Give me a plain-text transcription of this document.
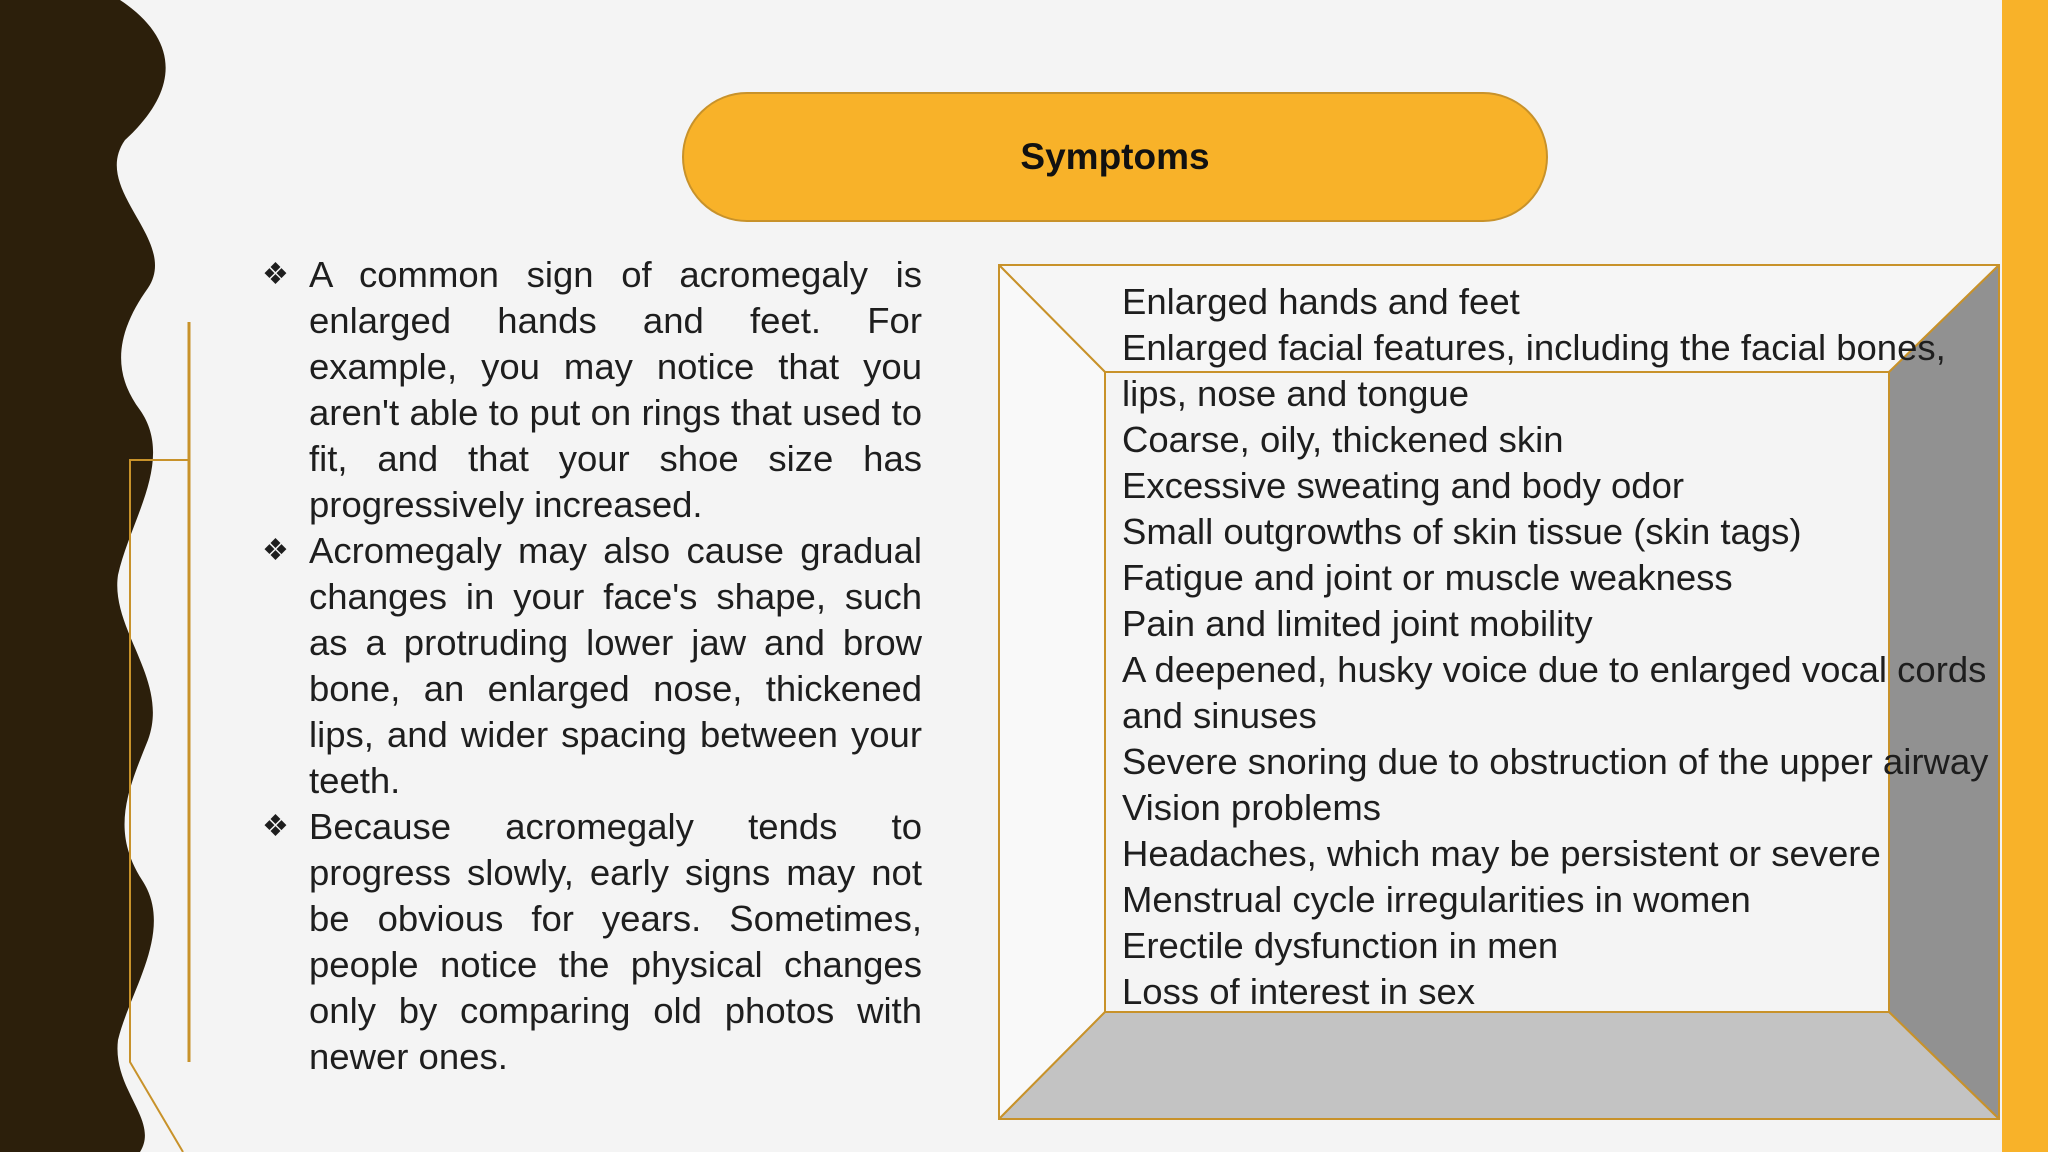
Symptoms
❖ A common sign of acromegaly is enlarged hands and feet. For example, you may notice that you aren't able to put on rings that used to fit, and that your shoe size has progressively increased.
❖ Acromegaly may also cause gradual changes in your face's shape, such as a protruding lower jaw and brow bone, an enlarged nose, thickened lips, and wider spacing between your teeth.
❖ Because acromegaly tends to progress slowly, early signs may not be obvious for years. Sometimes, people notice the physical changes only by comparing old photos with newer ones.
Enlarged hands and feet
Enlarged facial features, including the facial bones, lips, nose and tongue
Coarse, oily, thickened skin
Excessive sweating and body odor
Small outgrowths of skin tissue (skin tags)
Fatigue and joint or muscle weakness
Pain and limited joint mobility
A deepened, husky voice due to enlarged vocal cords and sinuses
Severe snoring due to obstruction of the upper airway
Vision problems
Headaches, which may be persistent or severe
Menstrual cycle irregularities in women
Erectile dysfunction in men
Loss of interest in sex
